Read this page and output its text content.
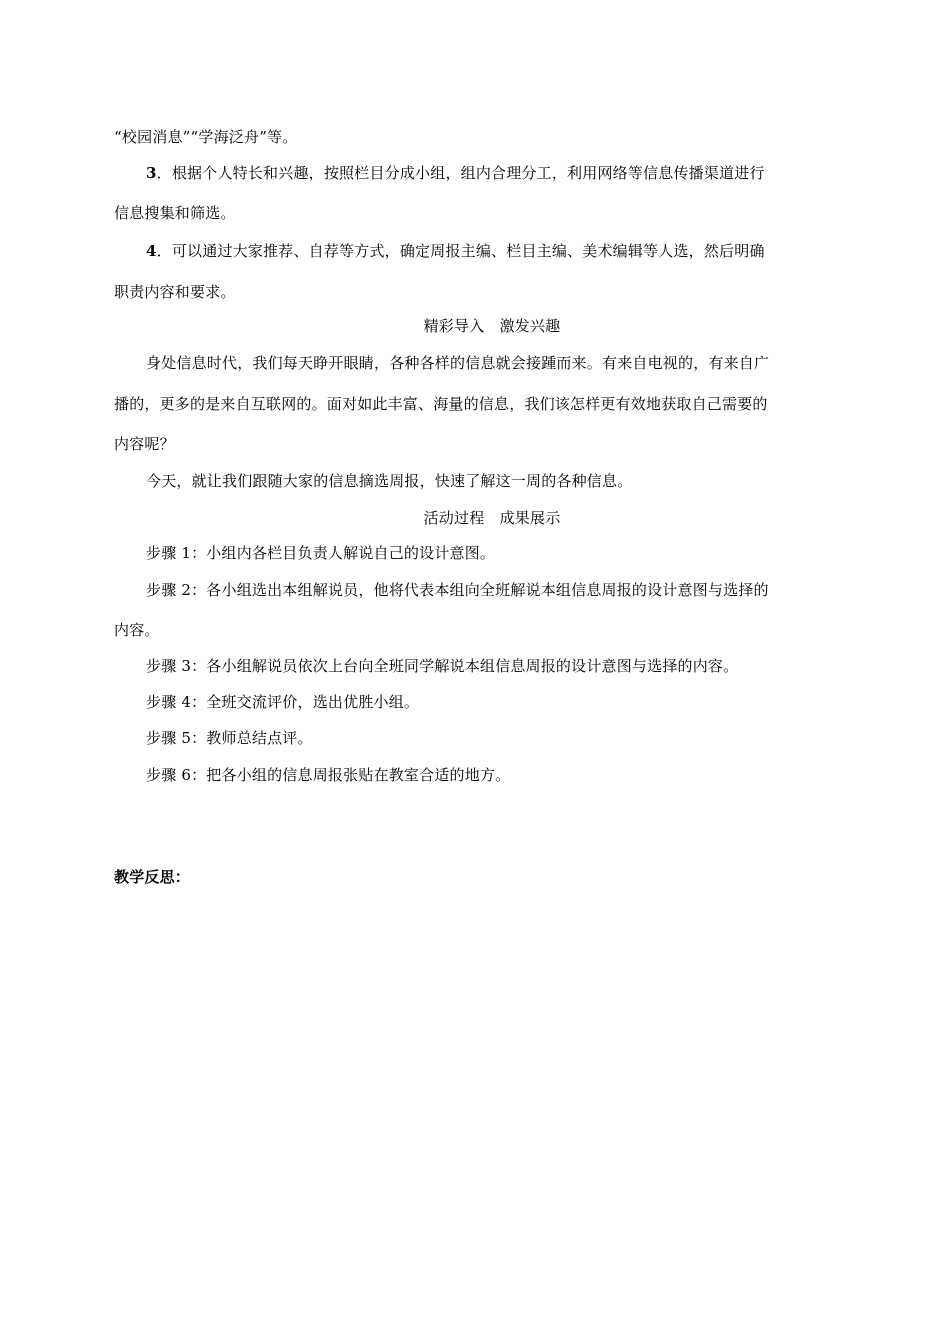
“校园消息”“学海泛舟”等。
3．根据个人特长和兴趣，按照栏目分成小组，组内合理分工，利用网络等信息传播渠道进行
信息搜集和筛选。
4．可以通过大家推荐、自荐等方式，确定周报主编、栏目主编、美术编辑等人选，然后明确
职责内容和要求。
精彩导入　激发兴趣
身处信息时代，我们每天睁开眼睛，各种各样的信息就会接踵而来。有来自电视的，有来自广
播的，更多的是来自互联网的。面对如此丰富、海量的信息，我们该怎样更有效地获取自己需要的
内容呢？
今天，就让我们跟随大家的信息摘选周报，快速了解这一周的各种信息。
活动过程　成果展示
步骤 1：小组内各栏目负责人解说自己的设计意图。
步骤 2：各小组选出本组解说员，他将代表本组向全班解说本组信息周报的设计意图与选择的
内容。
步骤 3：各小组解说员依次上台向全班同学解说本组信息周报的设计意图与选择的内容。
步骤 4：全班交流评价，选出优胜小组。
步骤 5：教师总结点评。
步骤 6：把各小组的信息周报张贴在教室合适的地方。
教学反思：
